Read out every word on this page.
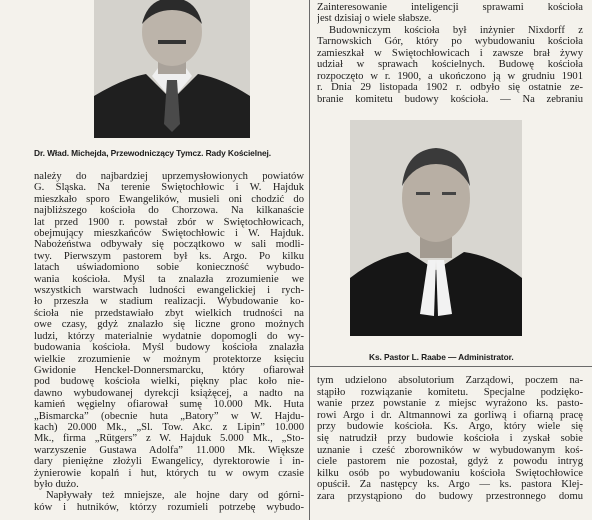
Dr. Wład. Michejda, Przewodniczący Tymcz. Rady Kościelnej.
Ks. Pastor L. Raabe — Administrator.
Zainteresowanie inteligencji sprawami kościoła
jest dzisiaj o wiele słabsze.
Budowniczym kościoła był inżynier Nixdorff z
Tarnowskich Gór, który po wybudowaniu kościoła
zamieszkał w Świętochłowicach i zawsze brał żywy
udział w sprawach kościelnych. Budowę kościoła
rozpoczęto w r. 1900, a ukończono ją w grudniu 1901
r. Dnia 29 listopada 1902 r. odbyło się ostatnie ze-
branie komitetu budowy kościoła. — Na zebraniu
należy do najbardziej uprzemysłowionych powiatów
G. Śląska. Na terenie Świętochłowic i W. Hajduk
mieszkało sporo Ewangelików, musieli oni chodzić do
najbliższego kościoła do Chorzowa. Na kilkanaście
lat przed 1900 r. powstał zbór w Świętochłowicach,
obejmujący mieszkańców Świętochłowic i W. Hajduk.
Nabożeństwa odbywały się początkowo w sali modli-
twy. Pierwszym pastorem był ks. Argo. Po kilku
latach uświadomiono sobie konieczność wybudo-
wania kościoła. Myśl ta znalazła zrozumienie we
wszystkich warstwach ludności ewangelickiej i rych-
ło przeszła w stadium realizacji. Wybudowanie ko-
ścioła nie przedstawiało zbyt wielkich trudności na
owe czasy, gdyż znalazło się liczne grono możnych
ludzi, którzy materialnie wydatnie dopomogli do wy-
budowania kościoła. Myśl budowy kościoła znalazła
wielkie zrozumienie w możnym protektorze księciu
Gwidonie Henckel-Donnersmarcku, który ofiarował
pod budowę kościoła wielki, piękny plac koło nie-
dawno wybudowanej dyrekcji książęcej, a nadto na
kamień węgielny ofiarował sumę 10.000 Mk. Huta
„Bismarcka” (obecnie huta „Batory” w W. Hajdu-
kach) 20.000 Mk., „Śl. Tow. Akc. z Lipin” 10.000
Mk., firma „Rütgers” z W. Hajduk 5.000 Mk., „Sto-
warzyszenie Gustawa Adolfa” 11.000 Mk. Większe
dary pieniężne złożyli Ewangelicy, dyrektorowie i in-
żynierowie kopalń i hut, których tu w owym czasie
było dużo.
Napływały też mniejsze, ale hojne dary od górni-
ków i hutników, którzy rozumieli potrzebę wybudo-
tym udzielono absolutorium Zarządowi, poczem na-
stąpiło rozwiązanie komitetu. Specjalne podzięko-
wanie przez powstanie z miejsc wyrażono ks. pasto-
rowi Argo i dr. Altmannowi za gorliwą i ofiarną pracę
przy budowie kościoła. Ks. Argo, który wiele się
się natrudził przy budowie kościoła i zyskał sobie
uznanie i cześć zborowników w wybudowanym koś-
ciele pastorem nie pozostał, gdyż z powodu intryg
kilku osób po wybudowaniu kościoła Świętochłowice
opuścił. Za następcy ks. Argo — ks. pastora Klej-
zara przystąpiono do budowy przestronnego domu
